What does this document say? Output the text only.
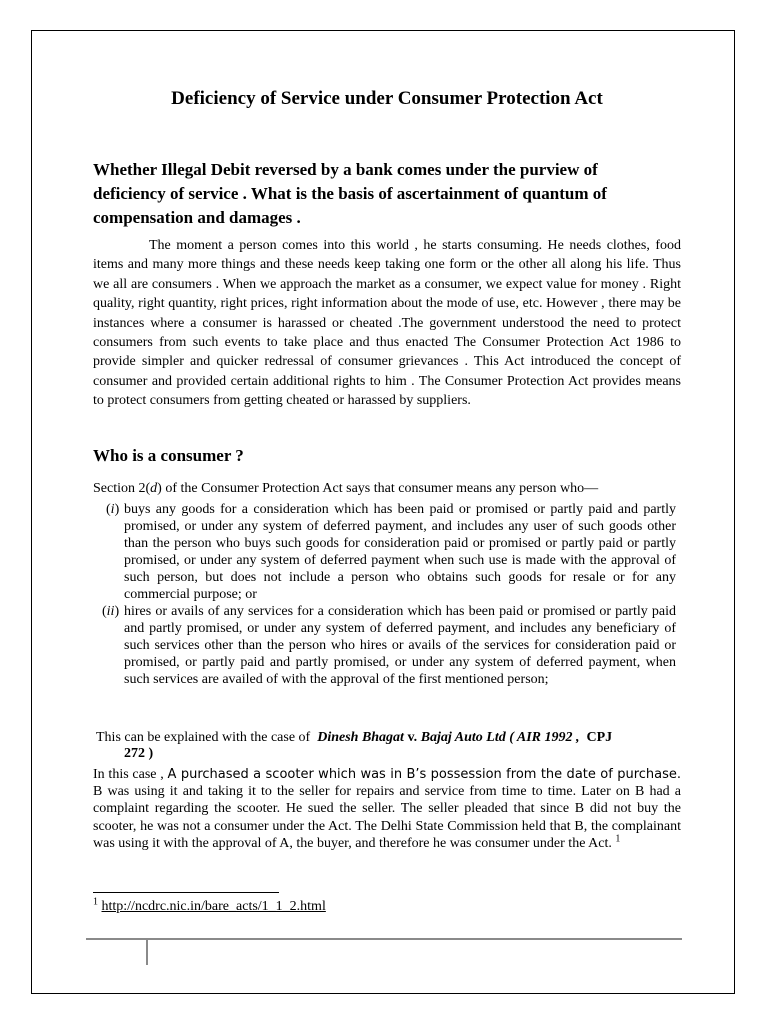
Deficiency of Service under Consumer Protection Act
Whether Illegal Debit reversed by a bank comes under the purview of deficiency of service . What is the basis of ascertainment of quantum of compensation and damages .
The moment a person comes into this world , he starts consuming. He needs clothes, food items and many more things and these needs keep taking one form or the other all along his life. Thus we all are consumers . When we approach the market as a consumer, we expect value for money . Right quality, right quantity, right prices, right information about the mode of use, etc. However , there may be instances where a consumer is harassed or cheated .The government understood the need to protect consumers from such events to take place and thus enacted The Consumer Protection Act 1986 to provide simpler and quicker redressal of consumer grievances . This Act introduced the concept of consumer and provided certain additional rights to him . The Consumer Protection Act provides means to protect consumers from getting cheated or harassed by suppliers.
Who is a consumer ?
Section 2(d) of the Consumer Protection Act says that consumer means any person who—
(i) buys any goods for a consideration which has been paid or promised or partly paid and partly promised, or under any system of deferred payment, and includes any user of such goods other than the person who buys such goods for consideration paid or promised or partly paid or partly promised, or under any system of deferred payment when such use is made with the approval of such person, but does not include a person who obtains such goods for resale or for any commercial purpose; or
(ii) hires or avails of any services for a consideration which has been paid or promised or partly paid and partly promised, or under any system of deferred payment, and includes any beneficiary of such services other than the person who hires or avails of the services for consideration paid or promised, or partly paid and partly promised, or under any system of deferred payment, when such services are availed of with the approval of the first mentioned person;
This can be explained with the case of Dinesh Bhagat v. Bajaj Auto Ltd ( AIR 1992 , CPJ
272 )
In this case , A purchased a scooter which was in B’s possession from the date of purchase. B was using it and taking it to the seller for repairs and service from time to time. Later on B had a complaint regarding the scooter. He sued the seller. The seller pleaded that since B did not buy the scooter, he was not a consumer under the Act. The Delhi State Commission held that B, the complainant was using it with the approval of A, the buyer, and therefore he was consumer under the Act. $^1$
$^1$ http://ncdrc.nic.in/bare_acts/1_1_2.html
